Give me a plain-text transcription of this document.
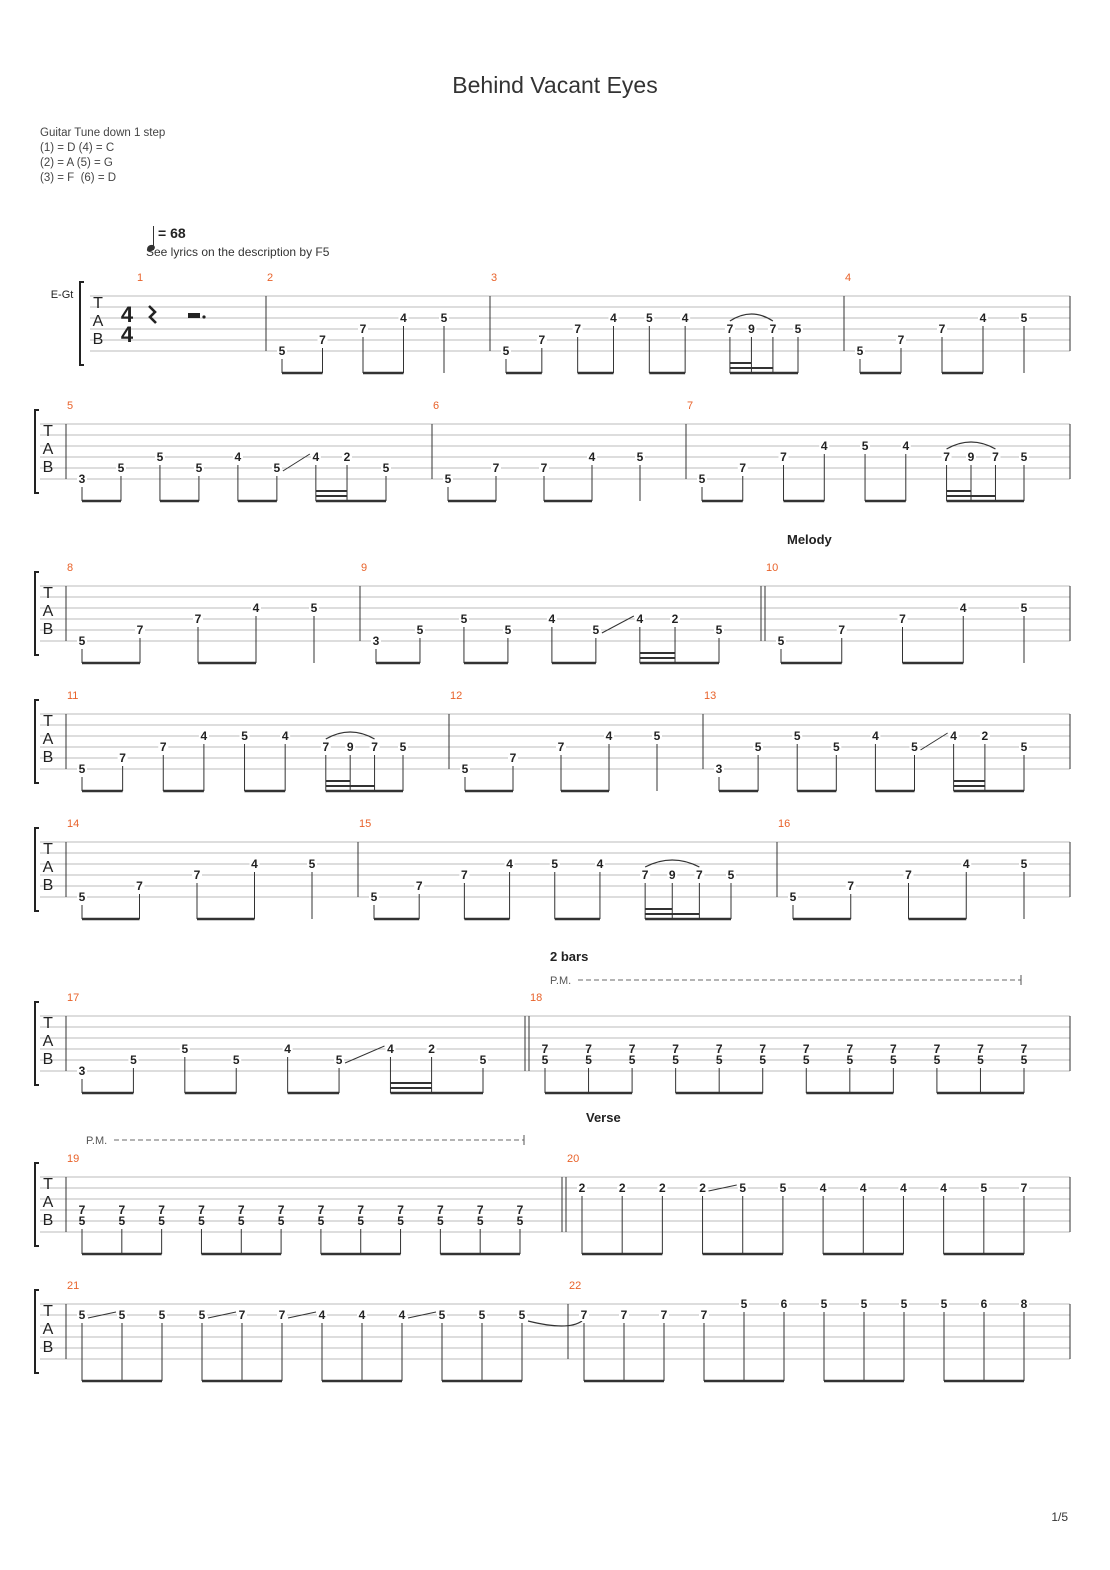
Behind Vacant Eyes
Guitar Tune down 1 step
(1) = D (4) = C
(2) = A (5) = G
(3) = F  (6) = D
= 68
See lyrics on the description by F5
T
A
B
E-Gt
4
4
1	2
5
7
7
4	5
3
5
7
7
4 5 4
7 9 7 5
4
5
7
7
4	5
T
A
B
5
3
5
5
5
4
5
4 2
5
6
5
7	7
4	5
7
5
7
7
4	5	4
7 9 7 5
T
A
B
8
5
7
7
4	5
9
3
5
5
5
4
5
4 2
5
10
Melody
5
7
7
4	5
T
A
B
11
5
7
7
4	5	4
7 9 7 5
12
5
7
7
4	5
13
3
5
5
5
4
5
4 2
5
T
A
B
14
5
7
7
4	5
15
5
7
7
4	5	4
7 9 7 5
16
5
7
7
4	5
T
A
B
17
3
5
5
5
4
5
4	2
5
18
2 bars
P.M.
7
5
7
5
7
5
7
5
7
5
7
5
7
5
7
5
7
5
7
5
7
5
7
5
T
A
B
19
P.M.
7
5
7
5
7
5
7
5
7
5
7
5
7
5
7
5
7
5
7
5
7
5
7
5
20
Verse
2	2	2	2	5	5	4	4	4	4	5	7
T
A
B
21
5	5	5	5	7	7	4	4	4	5	5	5
22
7	7	7	7
5	6	5	5	5	5	6	8
1/5
